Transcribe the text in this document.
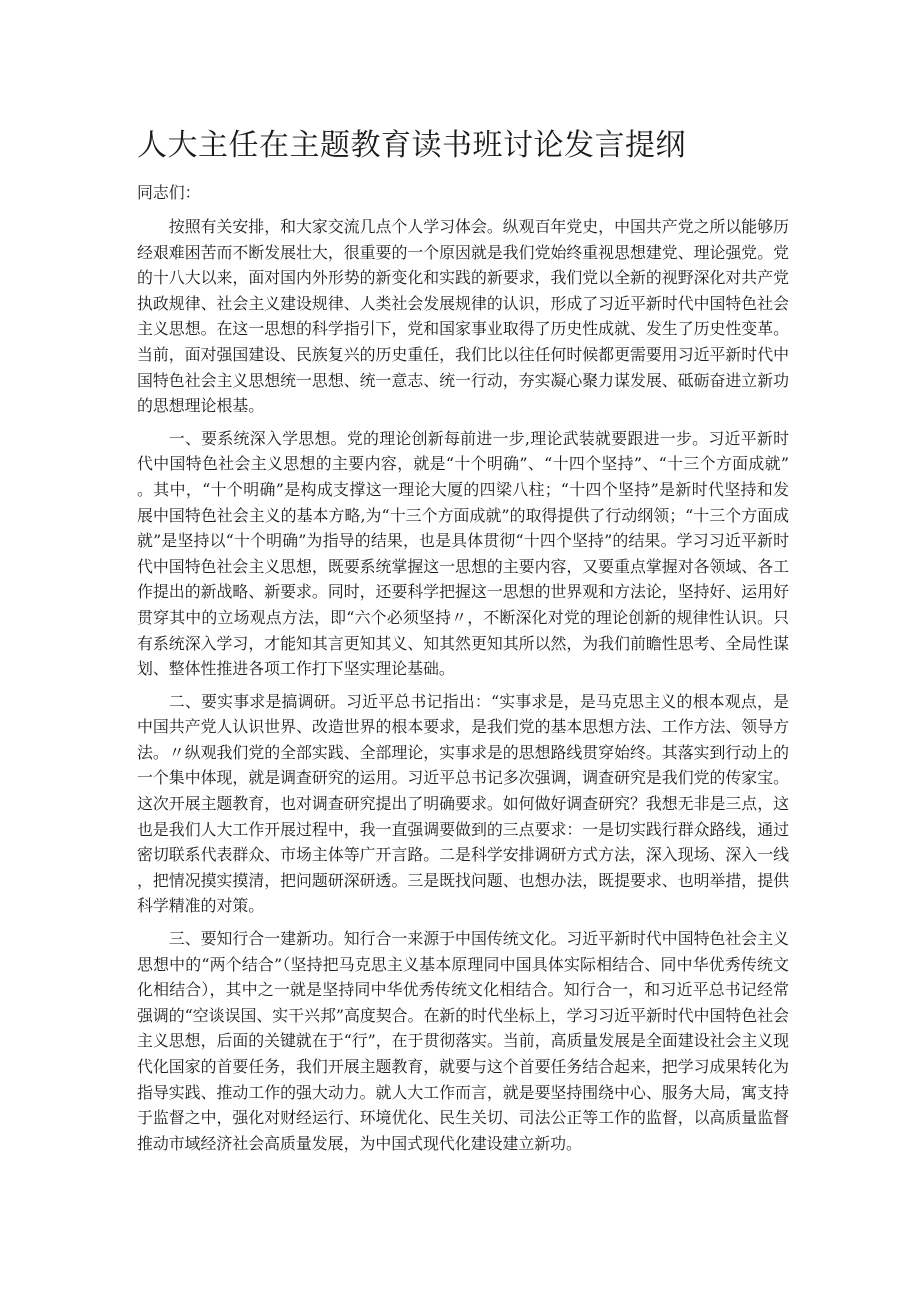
人大主任在主题教育读书班讨论发言提纲

同志们：

按照有关安排，和大家交流几点个人学习体会。纵观百年党史，中国共产党之所以能够历经艰难困苦而不断发展壮大，很重要的一个原因就是我们党始终重视思想建党、理论强党。党的十八大以来，面对国内外形势的新变化和实践的新要求，我们党以全新的视野深化对共产党执政规律、社会主义建设规律、人类社会发展规律的认识，形成了习近平新时代中国特色社会主义思想。在这一思想的科学指引下，党和国家事业取得了历史性成就、发生了历史性变革。当前，面对强国建设、民族复兴的历史重任，我们比以往任何时候都更需要用习近平新时代中国特色社会主义思想统一思想、统一意志、统一行动，夯实凝心聚力谋发展、砥砺奋进立新功的思想理论根基。

一、要系统深入学思想。党的理论创新每前进一步,理论武装就要跟进一步。习近平新时代中国特色社会主义思想的主要内容，就是“十个明确”、“十四个坚持”、“十三个方面成就”。其中，“十个明确”是构成支撑这一理论大厦的四梁八柱；“十四个坚持”是新时代坚持和发展中国特色社会主义的基本方略,为“十三个方面成就”的取得提供了行动纲领；“十三个方面成就”是坚持以“十个明确”为指导的结果，也是具体贯彻“十四个坚持”的结果。学习习近平新时代中国特色社会主义思想，既要系统掌握这一思想的主要内容，又要重点掌握对各领域、各工作提出的新战略、新要求。同时，还要科学把握这一思想的世界观和方法论，坚持好、运用好贯穿其中的立场观点方法，即“六个必须坚持〃，不断深化对党的理论创新的规律性认识。只有系统深入学习，才能知其言更知其义、知其然更知其所以然，为我们前瞻性思考、全局性谋划、整体性推进各项工作打下坚实理论基础。

二、要实事求是搞调研。习近平总书记指出：“实事求是，是马克思主义的根本观点，是中国共产党人认识世界、改造世界的根本要求，是我们党的基本思想方法、工作方法、领导方法。〃纵观我们党的全部实践、全部理论，实事求是的思想路线贯穿始终。其落实到行动上的一个集中体现，就是调查研究的运用。习近平总书记多次强调，调查研究是我们党的传家宝。这次开展主题教育，也对调查研究提出了明确要求。如何做好调查研究？我想无非是三点，这也是我们人大工作开展过程中，我一直强调要做到的三点要求：一是切实践行群众路线，通过密切联系代表群众、市场主体等广开言路。二是科学安排调研方式方法，深入现场、深入一线，把情况摸实摸清，把问题研深研透。三是既找问题、也想办法，既提要求、也明举措，提供科学精准的对策。

三、要知行合一建新功。知行合一来源于中国传统文化。习近平新时代中国特色社会主义思想中的“两个结合”（坚持把马克思主义基本原理同中国具体实际相结合、同中华优秀传统文化相结合），其中之一就是坚持同中华优秀传统文化相结合。知行合一，和习近平总书记经常强调的“空谈误国、实干兴邦”高度契合。在新的时代坐标上，学习习近平新时代中国特色社会主义思想，后面的关键就在于“行”，在于贯彻落实。当前，高质量发展是全面建设社会主义现代化国家的首要任务，我们开展主题教育，就要与这个首要任务结合起来，把学习成果转化为指导实践、推动工作的强大动力。就人大工作而言，就是要坚持围绕中心、服务大局，寓支持于监督之中，强化对财经运行、环境优化、民生关切、司法公正等工作的监督，以高质量监督推动市域经济社会高质量发展，为中国式现代化建设建立新功。
